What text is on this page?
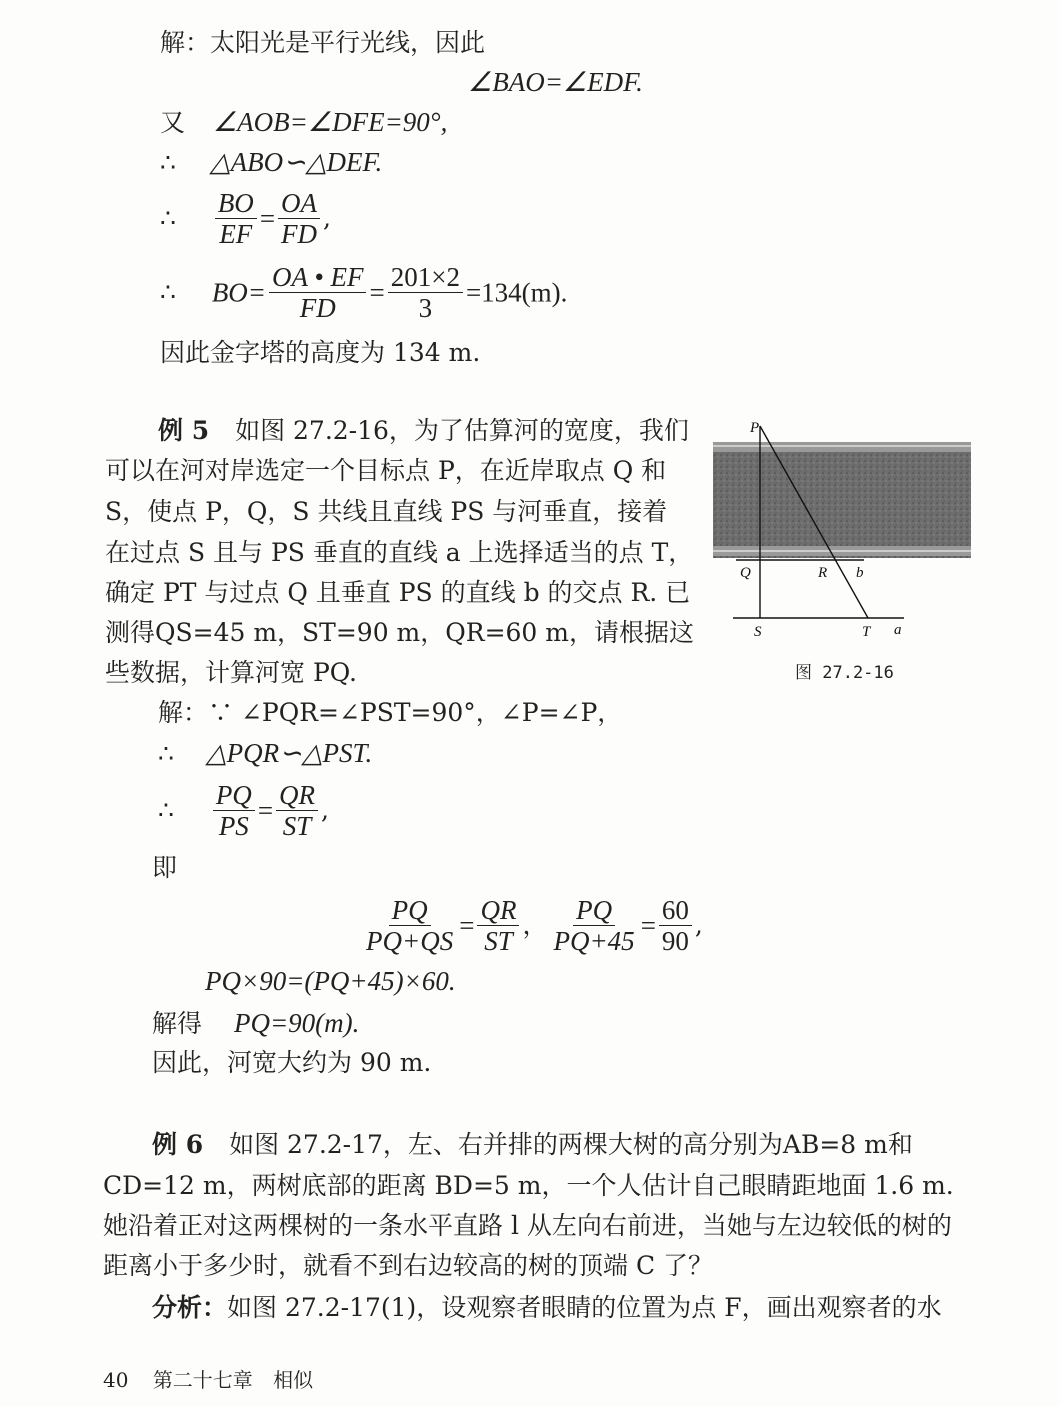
解：太阳光是平行光线，因此
∠BAO=∠EDF.
又 ∠AOB=∠DFE=90°,
∴ △ABO∽△DEF.
∴ $\frac{BO}{EF} = \frac{OA}{FD}$ ,
∴ $BO= \frac{OA • EF}{FD} = \frac{201\times 2}{3} =134(m)$.
因此金字塔的高度为 134 m.
例 5 如图 27.2-16，为了估算河的宽度，我们
可以在河对岸选定一个目标点 P，在近岸取点 Q 和
S，使点 P，Q，S 共线且直线 PS 与河垂直，接着
在过点 S 且与 PS 垂直的直线 a 上选择适当的点 T，
确定 PT 与过点 Q 且垂直 PS 的直线 b 的交点 R. 已
测得QS=45 m，ST=90 m，QR=60 m，请根据这
些数据，计算河宽 PQ.
P
Q	R b
S	T a
图 27.2-16
解：∵ ∠PQR=∠PST=90°，∠P=∠P，
∴ △PQR∽△PST.
∴ $\frac{PQ}{PS} = \frac{QR}{ST}$ ,
即
$\frac{PQ}{PQ+QS} = \frac{QR}{ST}$ ， $\frac{PQ}{PQ+45} = \frac{60}{90}$ ,
PQ×90=(PQ+45)×60.
解得 PQ=90(m).
因此，河宽大约为 90 m.
例 6 如图 27.2-17，左、右并排的两棵大树的高分别为AB=8 m和
CD=12 m，两树底部的距离 BD=5 m，一个人估计自己眼睛距地面 1.6 m.
她沿着正对这两棵树的一条水平直路 l 从左向右前进，当她与左边较低的树的
距离小于多少时，就看不到右边较高的树的顶端 C 了？
分析：如图 27.2-17(1)，设观察者眼睛的位置为点 F，画出观察者的水
40 第二十七章 相似
